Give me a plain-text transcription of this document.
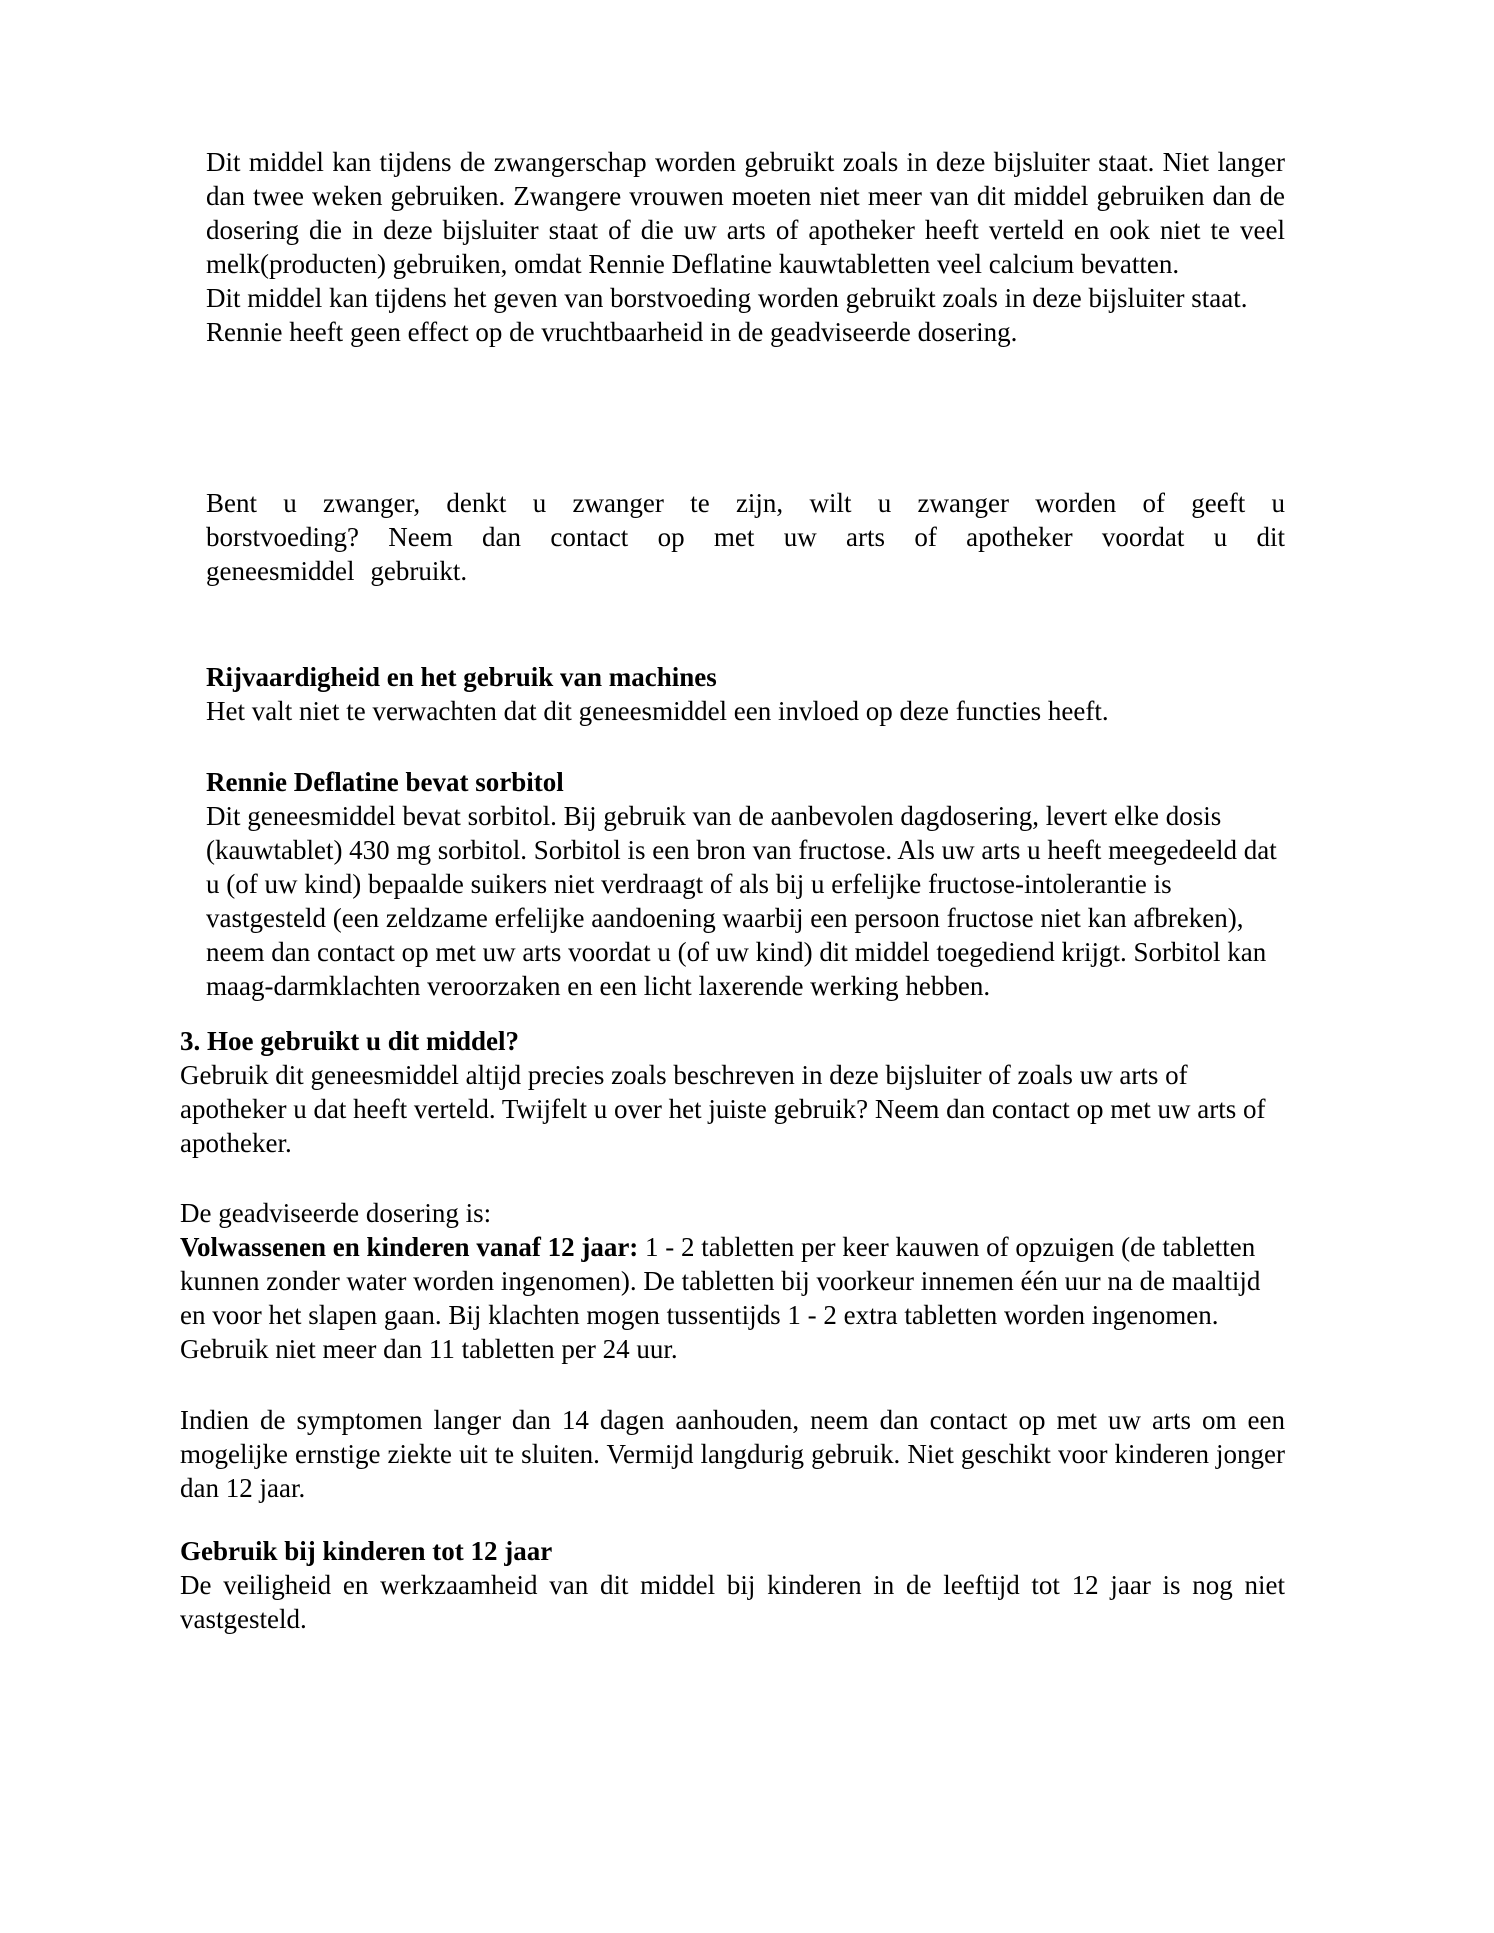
Dit middel kan tijdens de zwangerschap worden gebruikt zoals in deze bijsluiter staat. Niet langer dan twee weken gebruiken. Zwangere vrouwen moeten niet meer van dit middel gebruiken dan de dosering die in deze bijsluiter staat of die uw arts of apotheker heeft verteld en ook niet te veel melk(producten) gebruiken, omdat Rennie Deflatine kauwtabletten veel calcium bevatten.

Dit middel kan tijdens het geven van borstvoeding worden gebruikt zoals in deze bijsluiter staat.

Rennie heeft geen effect op de vruchtbaarheid in de geadviseerde dosering.

Bent u zwanger, denkt u zwanger te zijn, wilt u zwanger worden of geeft u borstvoeding? Neem dan contact op met uw arts of apotheker voordat u dit geneesmiddel gebruikt.

Rijvaardigheid en het gebruik van machines

Het valt niet te verwachten dat dit geneesmiddel een invloed op deze functies heeft.

Rennie Deflatine bevat sorbitol

Dit geneesmiddel bevat sorbitol. Bij gebruik van de aanbevolen dagdosering, levert elke dosis (kauwtablet) 430 mg sorbitol. Sorbitol is een bron van fructose. Als uw arts u heeft meegedeeld dat u (of uw kind) bepaalde suikers niet verdraagt of als bij u erfelijke fructose-intolerantie is vastgesteld (een zeldzame erfelijke aandoening waarbij een persoon fructose niet kan afbreken), neem dan contact op met uw arts voordat u (of uw kind) dit middel toegediend krijgt. Sorbitol kan maag-darmklachten veroorzaken en een licht laxerende werking hebben.

3. Hoe gebruikt u dit middel?

Gebruik dit geneesmiddel altijd precies zoals beschreven in deze bijsluiter of zoals uw arts of apotheker u dat heeft verteld. Twijfelt u over het juiste gebruik? Neem dan contact op met uw arts of apotheker.

De geadviseerde dosering is:

Volwassenen en kinderen vanaf 12 jaar: 1 - 2 tabletten per keer kauwen of opzuigen (de tabletten kunnen zonder water worden ingenomen). De tabletten bij voorkeur innemen één uur na de maaltijd en voor het slapen gaan. Bij klachten mogen tussentijds 1 - 2 extra tabletten worden ingenomen. Gebruik niet meer dan 11 tabletten per 24 uur.

Indien de symptomen langer dan 14 dagen aanhouden, neem dan contact op met uw arts om een mogelijke ernstige ziekte uit te sluiten. Vermijd langdurig gebruik. Niet geschikt voor kinderen jonger dan 12 jaar.

Gebruik bij kinderen tot 12 jaar

De veiligheid en werkzaamheid van dit middel bij kinderen in de leeftijd tot 12 jaar is nog niet vastgesteld.
